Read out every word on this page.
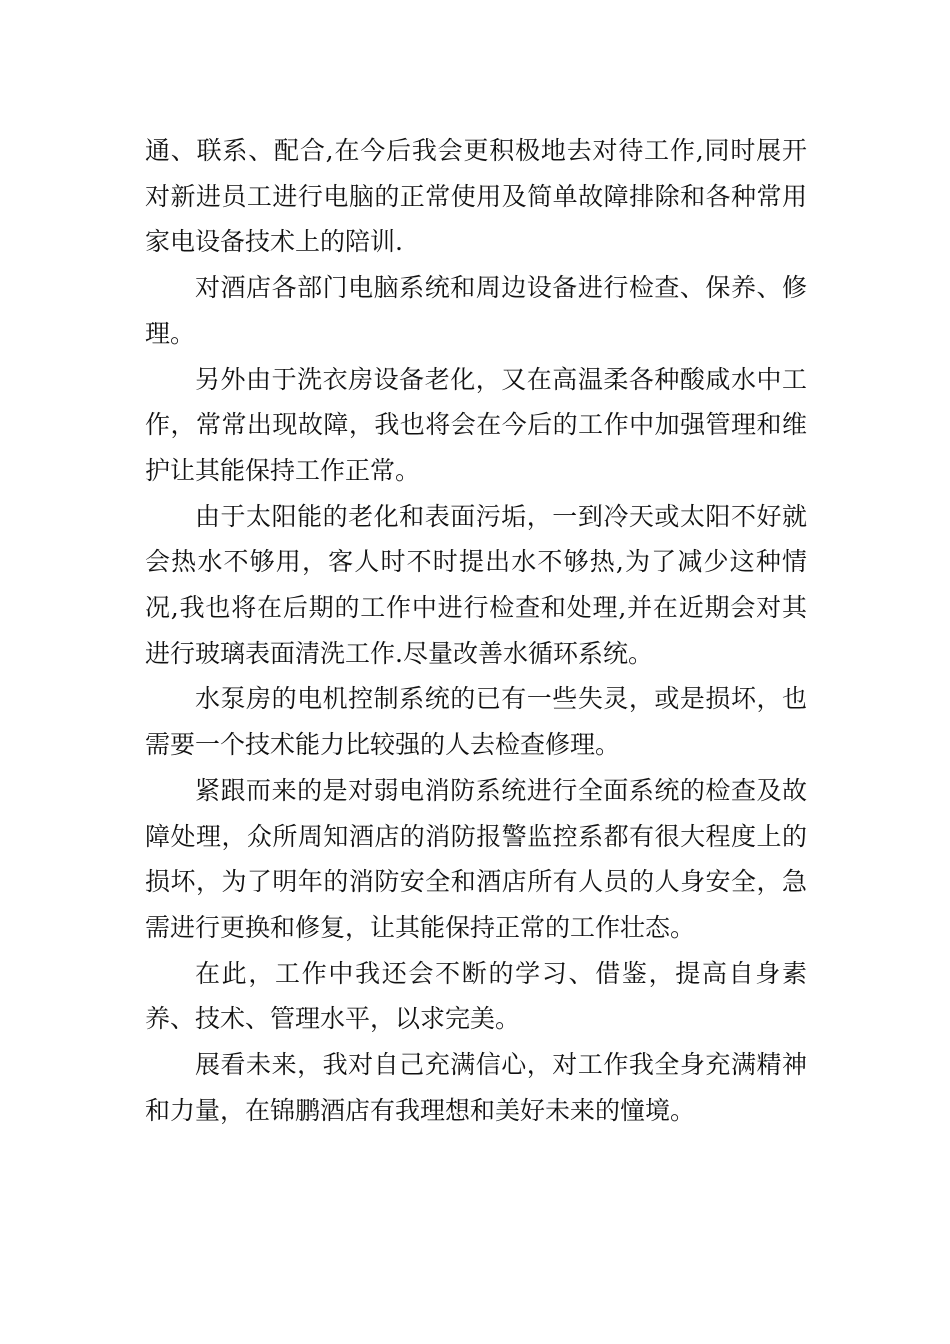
通、联系、配合,在今后我会更积极地去对待工作,同时展开对新进员工进行电脑的正常使用及简单故障排除和各种常用家电设备技术上的陪训.

对酒店各部门电脑系统和周边设备进行检查、保养、修理。

另外由于洗衣房设备老化，又在高温柔各种酸咸水中工作，常常出现故障，我也将会在今后的工作中加强管理和维护让其能保持工作正常。

由于太阳能的老化和表面污垢，一到冷天或太阳不好就会热水不够用，客人时不时提出水不够热,为了减少这种情况,我也将在后期的工作中进行检查和处理,并在近期会对其进行玻璃表面清洗工作.尽量改善水循环系统。

水泵房的电机控制系统的已有一些失灵，或是损坏，也需要一个技术能力比较强的人去检查修理。

紧跟而来的是对弱电消防系统进行全面系统的检查及故障处理，众所周知酒店的消防报警监控系都有很大程度上的损坏，为了明年的消防安全和酒店所有人员的人身安全，急需进行更换和修复，让其能保持正常的工作壮态。

在此，工作中我还会不断的学习、借鉴，提高自身素养、技术、管理水平，以求完美。

展看未来，我对自己充满信心，对工作我全身充满精神和力量，在锦鹏酒店有我理想和美好未来的憧境。
